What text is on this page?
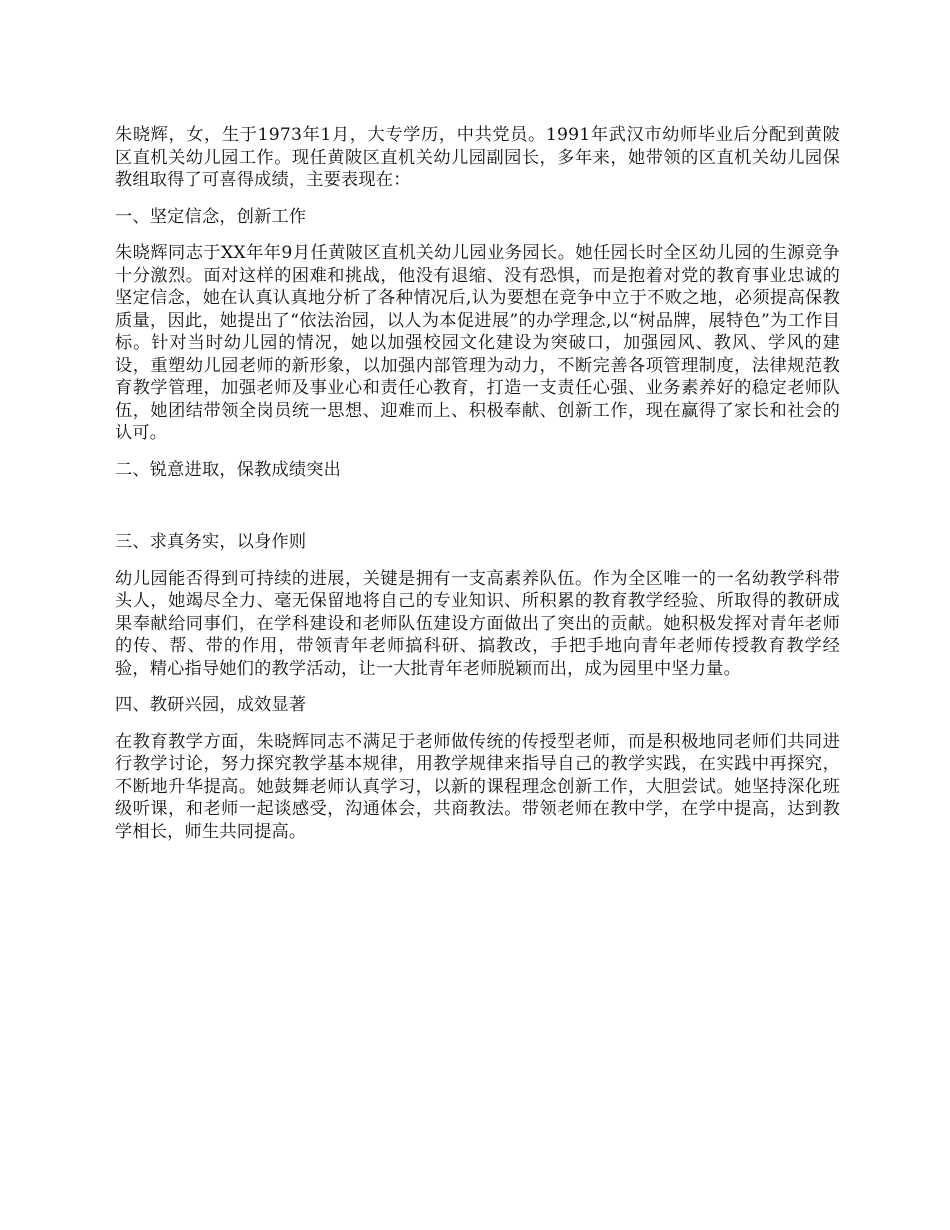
朱晓辉，女，生于1973年1月，大专学历，中共党员。1991年武汉市幼师毕业后分配到黄陂区直机关幼儿园工作。现任黄陂区直机关幼儿园副园长，多年来，她带领的区直机关幼儿园保教组取得了可喜得成绩，主要表现在：

一、坚定信念，创新工作

朱晓辉同志于XX年年9月任黄陂区直机关幼儿园业务园长。她任园长时全区幼儿园的生源竞争十分激烈。面对这样的困难和挑战，他没有退缩、没有恐惧，而是抱着对党的教育事业忠诚的坚定信念，她在认真认真地分析了各种情况后,认为要想在竞争中立于不败之地，必须提高保教质量，因此，她提出了“依法治园，以人为本促进展”的办学理念,以“树品牌，展特色”为工作目标。针对当时幼儿园的情况，她以加强校园文化建设为突破口，加强园风、教风、学风的建设，重塑幼儿园老师的新形象，以加强内部管理为动力，不断完善各项管理制度，法律规范教育教学管理，加强老师及事业心和责任心教育，打造一支责任心强、业务素养好的稳定老师队伍，她团结带领全岗员统一思想、迎难而上、积极奉献、创新工作，现在赢得了家长和社会的认可。

二、锐意进取，保教成绩突出

三、求真务实，以身作则

幼儿园能否得到可持续的进展，关键是拥有一支高素养队伍。作为全区唯一的一名幼教学科带头人，她竭尽全力、毫无保留地将自己的专业知识、所积累的教育教学经验、所取得的教研成果奉献给同事们，在学科建设和老师队伍建设方面做出了突出的贡献。她积极发挥对青年老师的传、帮、带的作用，带领青年老师搞科研、搞教改，手把手地向青年老师传授教育教学经验，精心指导她们的教学活动，让一大批青年老师脱颖而出，成为园里中坚力量。

四、教研兴园，成效显著

在教育教学方面，朱晓辉同志不满足于老师做传统的传授型老师，而是积极地同老师们共同进行教学讨论，努力探究教学基本规律，用教学规律来指导自己的教学实践，在实践中再探究，不断地升华提高。她鼓舞老师认真学习，以新的课程理念创新工作，大胆尝试。她坚持深化班级听课，和老师一起谈感受，沟通体会，共商教法。带领老师在教中学，在学中提高，达到教学相长，师生共同提高。
